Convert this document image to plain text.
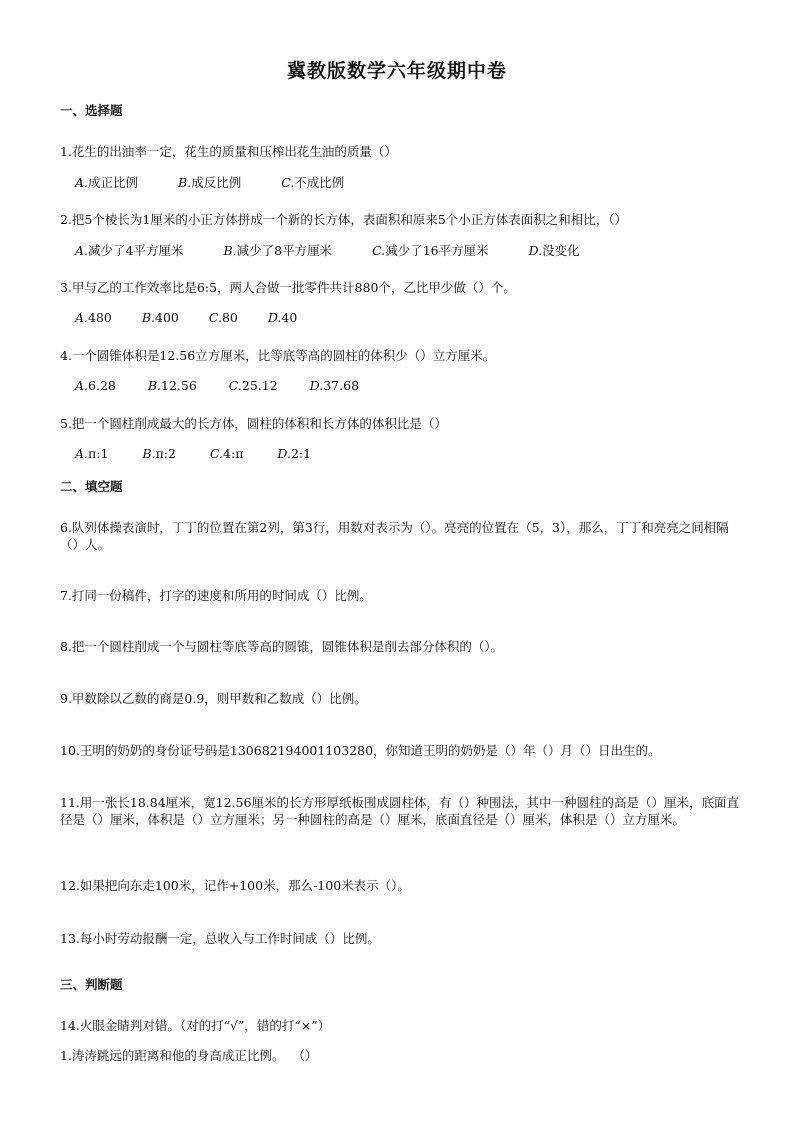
冀教版数学六年级期中卷
一、选择题
1.花生的出油率一定，花生的质量和压榨出花生油的质量（）
A.成正比例	B.成反比例	C.不成比例
2.把5个棱长为1厘米的小正方体拼成一个新的长方体，表面积和原来5个小正方体表面积之和相比，（）
A.减少了4平方厘米	B.减少了8平方厘米	C.减少了16平方厘米	D.没变化
3.甲与乙的工作效率比是6:5，两人合做一批零件共计880个，乙比甲少做（）个。
A.480 B.400 C.80 D.40
4.一个圆锥体积是12.56立方厘米，比等底等高的圆柱的体积少（）立方厘米。
A.6.28	B.12.56	C.25.12	D.37.68
5.把一个圆柱削成最大的长方体，圆柱的体积和长方体的体积比是（）
A.π:1	B.π:2	C.4:π	D.2:1
二、填空题
6.队列体操表演时，丁丁的位置在第2列，第3行，用数对表示为（）。亮亮的位置在（5，3），那么，丁丁和亮亮之间相隔（）人。
7.打同一份稿件，打字的速度和所用的时间成（）比例。
8.把一个圆柱削成一个与圆柱等底等高的圆锥，圆锥体积是削去部分体积的（）。
9.甲数除以乙数的商是0.9，则甲数和乙数成（）比例。
10.王明的奶奶的身份证号码是130682194001103280，你知道王明的奶奶是（）年（）月（）日出生的。
11.用一张长18.84厘米，宽12.56厘米的长方形厚纸板围成圆柱体，有（）种围法，其中一种圆柱的高是（）厘米，底面直径是（）厘米，体积是（）立方厘米；另一种圆柱的高是（）厘米，底面直径是（）厘米，体积是（）立方厘米。
12.如果把向东走100米，记作+100米，那么-100米表示（）。
13.每小时劳动报酬一定，总收入与工作时间成（）比例。
三、判断题
14.火眼金睛判对错。（对的打“√”，错的打“×”）
1.涛涛跳远的距离和他的身高成正比例。  （）
